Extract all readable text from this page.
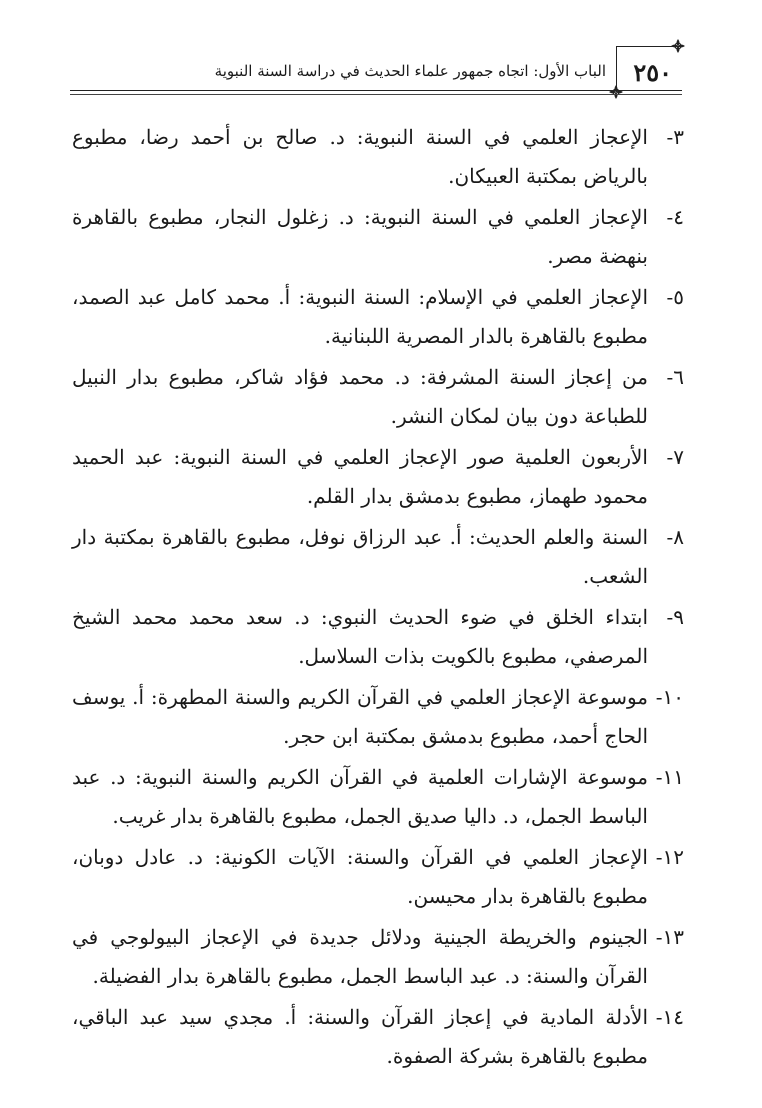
٢٥٠
الباب الأول: اتجاه جمهور علماء الحديث في دراسة السنة النبوية
٣-
الإعجاز العلمي في السنة النبوية: د. صالح بن أحمد رضا، مطبوع بالرياض بمكتبة العبيكان.
٤-
الإعجاز العلمي في السنة النبوية: د. زغلول النجار، مطبوع بالقاهرة بنهضة مصر.
٥-
الإعجاز العلمي في الإسلام: السنة النبوية: أ. محمد كامل عبد الصمد، مطبوع بالقاهرة بالدار المصرية اللبنانية.
٦-
من إعجاز السنة المشرفة: د. محمد فؤاد شاكر، مطبوع بدار النبيل للطباعة دون بيان لمكان النشر.
٧-
الأربعون العلمية صور الإعجاز العلمي في السنة النبوية: عبد الحميد محمود طهماز، مطبوع بدمشق بدار القلم.
٨-
السنة والعلم الحديث: أ. عبد الرزاق نوفل، مطبوع بالقاهرة بمكتبة دار الشعب.
٩-
ابتداء الخلق في ضوء الحديث النبوي: د. سعد محمد محمد الشيخ المرصفي، مطبوع بالكويت بذات السلاسل.
١٠-
موسوعة الإعجاز العلمي في القرآن الكريم والسنة المطهرة: أ. يوسف الحاج أحمد، مطبوع بدمشق بمكتبة ابن حجر.
١١-
موسوعة الإشارات العلمية في القرآن الكريم والسنة النبوية: د. عبد الباسط الجمل، د. داليا صديق الجمل، مطبوع بالقاهرة بدار غريب.
١٢-
الإعجاز العلمي في القرآن والسنة: الآيات الكونية: د. عادل دوبان، مطبوع بالقاهرة بدار محيسن.
١٣-
الجينوم والخريطة الجينية ودلائل جديدة في الإعجاز البيولوجي في القرآن والسنة: د. عبد الباسط الجمل، مطبوع بالقاهرة بدار الفضيلة.
١٤-
الأدلة المادية في إعجاز القرآن والسنة: أ. مجدي سيد عبد الباقي، مطبوع بالقاهرة بشركة الصفوة.
